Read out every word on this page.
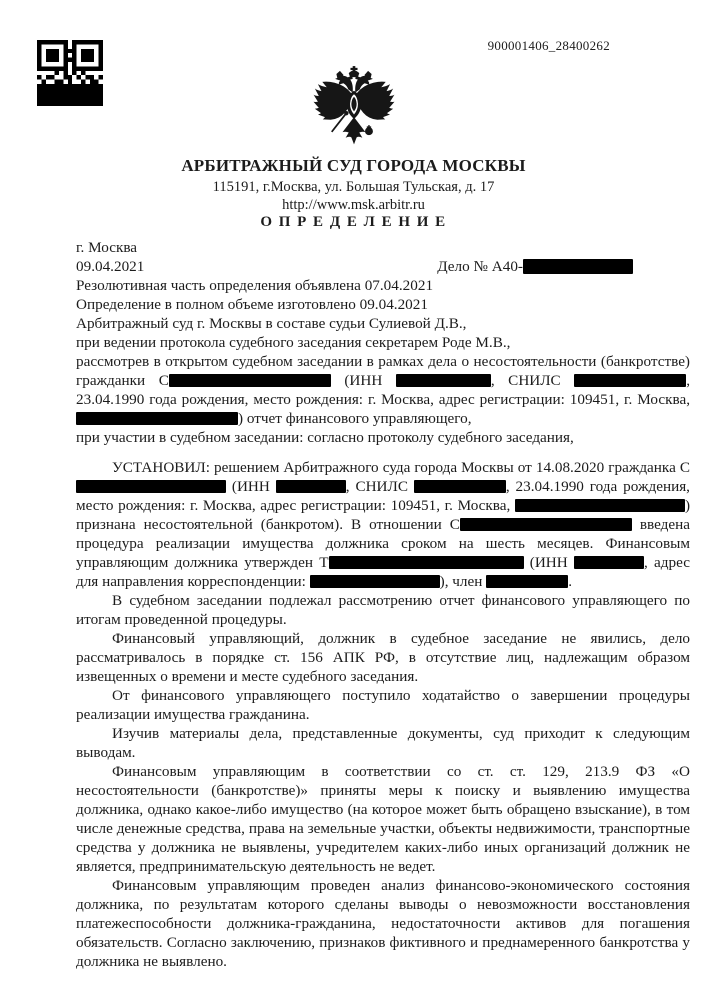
900001406_28400262
АРБИТРАЖНЫЙ СУД ГОРОДА МОСКВЫ
115191, г.Москва, ул. Большая Тульская, д. 17
http://www.msk.arbitr.ru
О П Р Е Д Е Л Е Н И Е
г. Москва
09.04.2021	Дело № А40-
Резолютивная часть определения объявлена 07.04.2021
Определение в полном объеме изготовлено 09.04.2021
Арбитражный суд г. Москвы в составе судьи Сулиевой Д.В.,
при ведении протокола судебного заседания секретарем Роде М.В.,
рассмотрев в открытом судебном заседании в рамках дела о несостоятельности (банкротстве) гражданки С	(ИНН	, СНИЛС	, 23.04.1990 года рождения, место рождения: г. Москва, адрес регистрации: 109451, г. Москва, ) отчет финансового управляющего,
при участии в судебном заседании: согласно протоколу судебного заседания,
УСТАНОВИЛ: решением Арбитражного суда города Москвы от 14.08.2020 гражданка С (ИНН	, СНИЛС	, 23.04.1990 года рождения, место рождения: г. Москва, адрес регистрации: 109451, г. Москва,	) признана несостоятельной (банкротом). В отношении С	введена процедура реализации имущества должника сроком на шесть месяцев. Финансовым управляющим должника утвержден Т	(ИНН	, адрес для направления корреспонденции:	), член	.
В судебном заседании подлежал рассмотрению отчет финансового управляющего по итогам проведенной процедуры.
Финансовый управляющий, должник в судебное заседание не явились, дело рассматривалось в порядке ст. 156 АПК РФ, в отсутствие лиц, надлежащим образом извещенных о времени и месте судебного заседания.
От финансового управляющего поступило ходатайство о завершении процедуры реализации имущества гражданина.
Изучив материалы дела, представленные документы, суд приходит к следующим выводам.
Финансовым управляющим в соответствии со ст. ст. 129, 213.9 ФЗ «О несостоятельности (банкротстве)» приняты меры к поиску и выявлению имущества должника, однако какое-либо имущество (на которое может быть обращено взыскание), в том числе денежные средства, права на земельные участки, объекты недвижимости, транспортные средства у должника не выявлены, учредителем каких-либо иных организаций должник не является, предпринимательскую деятельность не ведет.
Финансовым управляющим проведен анализ финансово-экономического состояния должника, по результатам которого сделаны выводы о невозможности восстановления платежеспособности должника-гражданина, недостаточности активов для погашения обязательств. Согласно заключению, признаков фиктивного и преднамеренного банкротства у должника не выявлено.
